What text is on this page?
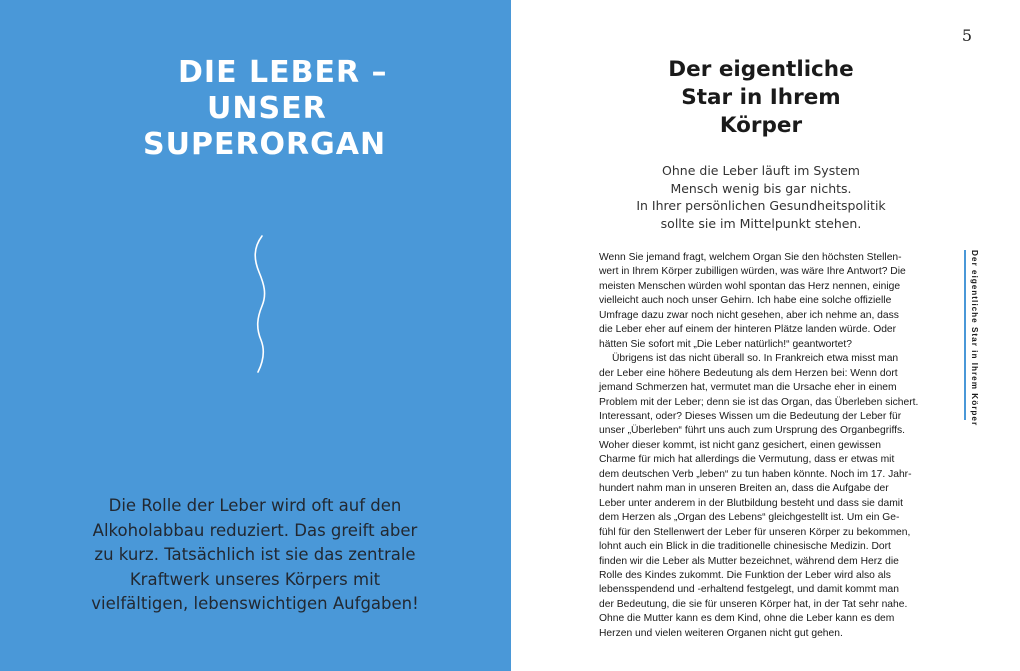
DIE LEBER –
UNSER
SUPERORGAN
Die Rolle der Leber wird oft auf den
Alkoholabbau reduziert. Das greift aber
zu kurz. Tatsächlich ist sie das zentrale
Kraftwerk unseres Körpers mit
vielfältigen, lebenswichtigen Aufgaben!
5
Der eigentliche
Star in Ihrem
Körper
Ohne die Leber läuft im System
Mensch wenig bis gar nichts.
In Ihrer persönlichen Gesundheitspolitik
sollte sie im Mittelpunkt stehen.
Wenn Sie jemand fragt, welchem Organ Sie den höchsten Stellen-
wert in Ihrem Körper zubilligen würden, was wäre Ihre Antwort? Die
meisten Menschen würden wohl spontan das Herz nennen, einige
vielleicht auch noch unser Gehirn. Ich habe eine solche offizielle
Umfrage dazu zwar noch nicht gesehen, aber ich nehme an, dass
die Leber eher auf einem der hinteren Plätze landen würde. Oder
hätten Sie sofort mit „Die Leber natürlich!“ geantwortet?
Übrigens ist das nicht überall so. In Frankreich etwa misst man
der Leber eine höhere Bedeutung als dem Herzen bei: Wenn dort
jemand Schmerzen hat, vermutet man die Ursache eher in einem
Problem mit der Leber; denn sie ist das Organ, das Überleben sichert.
Interessant, oder? Dieses Wissen um die Bedeutung der Leber für
unser „Überleben“ führt uns auch zum Ursprung des Organbegriffs.
Woher dieser kommt, ist nicht ganz gesichert, einen gewissen
Charme für mich hat allerdings die Vermutung, dass er etwas mit
dem deutschen Verb „leben“ zu tun haben könnte. Noch im 17. Jahr-
hundert nahm man in unseren Breiten an, dass die Aufgabe der
Leber unter anderem in der Blutbildung besteht und dass sie damit
dem Herzen als „Organ des Lebens“ gleichgestellt ist. Um ein Ge-
fühl für den Stellenwert der Leber für unseren Körper zu bekommen,
lohnt auch ein Blick in die traditionelle chinesische Medizin. Dort
finden wir die Leber als Mutter bezeichnet, während dem Herz die
Rolle des Kindes zukommt. Die Funktion der Leber wird also als
lebensspendend und -erhaltend festgelegt, und damit kommt man
der Bedeutung, die sie für unseren Körper hat, in der Tat sehr nahe.
Ohne die Mutter kann es dem Kind, ohne die Leber kann es dem
Herzen und vielen weiteren Organen nicht gut gehen.
Der eigentliche Star in Ihrem Körper
